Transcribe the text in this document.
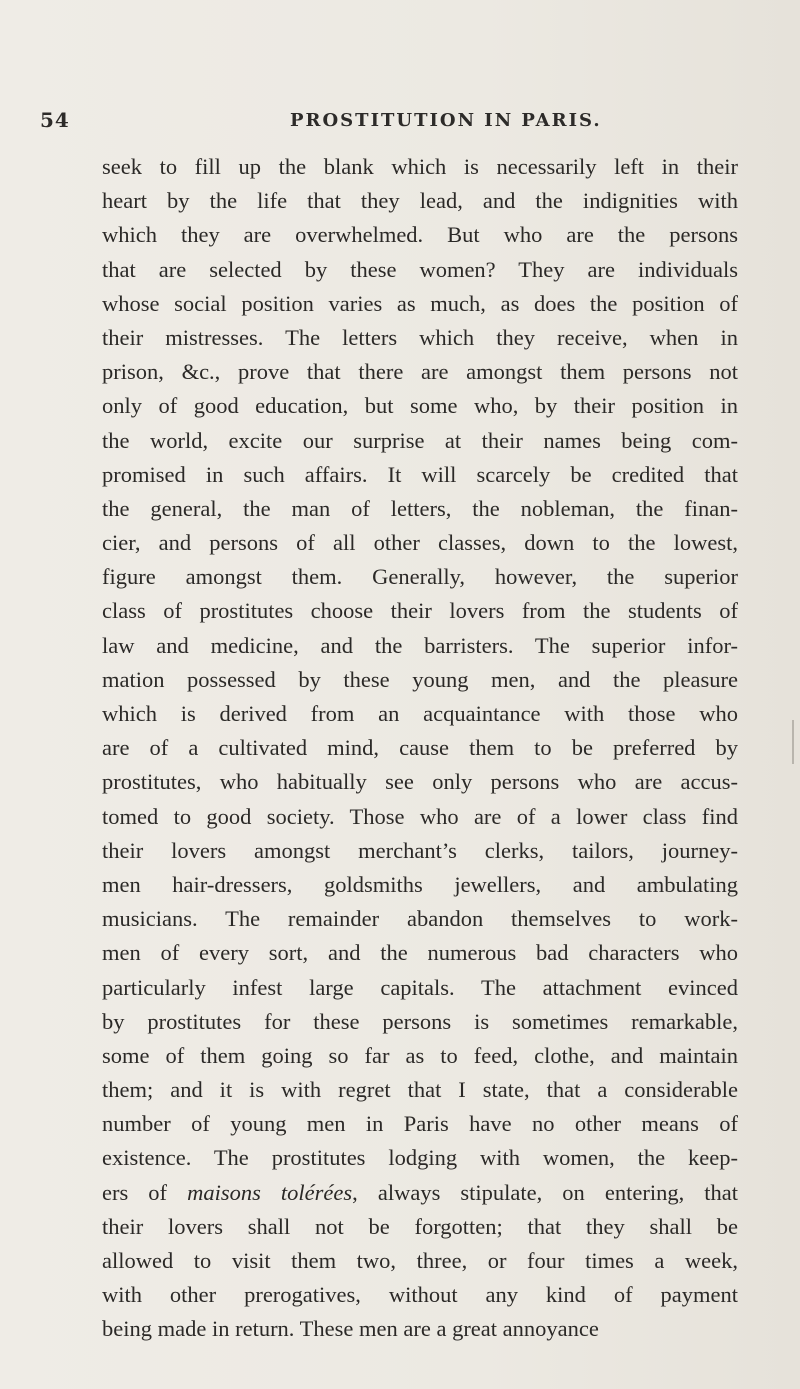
54	PROSTITUTION IN PARIS.
seek to fill up the blank which is necessarily left in their
heart by the life that they lead, and the indignities with
which they are overwhelmed. But who are the persons
that are selected by these women? They are individuals
whose social position varies as much, as does the position of
their mistresses. The letters which they receive, when in
prison, &c., prove that there are amongst them persons not
only of good education, but some who, by their position in
the world, excite our surprise at their names being com-
promised in such affairs. It will scarcely be credited that
the general, the man of letters, the nobleman, the finan-
cier, and persons of all other classes, down to the lowest,
figure amongst them. Generally, however, the superior
class of prostitutes choose their lovers from the students of
law and medicine, and the barristers. The superior infor-
mation possessed by these young men, and the pleasure
which is derived from an acquaintance with those who
are of a cultivated mind, cause them to be preferred by
prostitutes, who habitually see only persons who are accus-
tomed to good society. Those who are of a lower class find
their lovers amongst merchant’s clerks, tailors, journey-
men hair-dressers, goldsmiths jewellers, and ambulating
musicians. The remainder abandon themselves to work-
men of every sort, and the numerous bad characters who
particularly infest large capitals. The attachment evinced
by prostitutes for these persons is sometimes remarkable,
some of them going so far as to feed, clothe, and maintain
them; and it is with regret that I state, that a considerable
number of young men in Paris have no other means of
existence. The prostitutes lodging with women, the keep-
ers of maisons tolérées, always stipulate, on entering, that
their lovers shall not be forgotten; that they shall be
allowed to visit them two, three, or four times a week,
with other prerogatives, without any kind of payment
being made in return. These men are a great annoyance
